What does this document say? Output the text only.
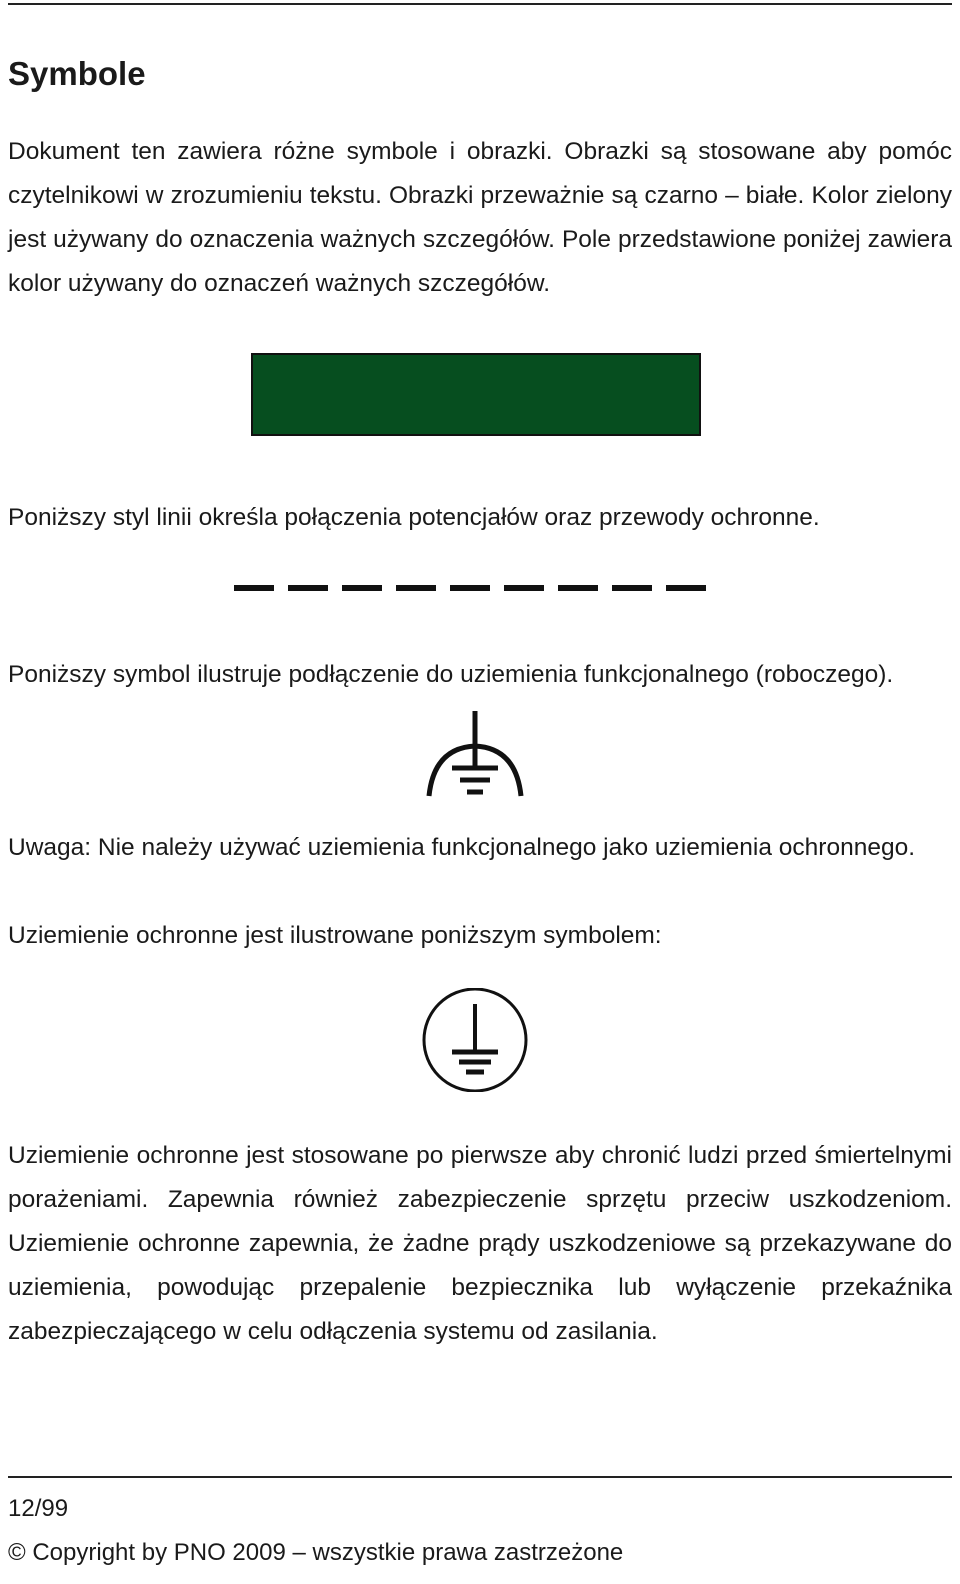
Symbole

Dokument ten zawiera różne symbole i obrazki. Obrazki są stosowane aby pomóc czytelnikowi w zrozumieniu tekstu. Obrazki przeważnie są czarno – białe. Kolor zielony jest używany do oznaczenia ważnych szczegółów. Pole przedstawione poniżej zawiera kolor używany do oznaczeń ważnych szczegółów.

Poniższy styl linii określa połączenia potencjałów oraz przewody ochronne.

Poniższy symbol ilustruje podłączenie do uziemienia funkcjonalnego (roboczego).

Uwaga: Nie należy używać uziemienia funkcjonalnego jako uziemienia ochronnego.

Uziemienie ochronne jest ilustrowane poniższym symbolem:

Uziemienie ochronne jest stosowane po pierwsze aby chronić ludzi przed śmiertelnymi porażeniami. Zapewnia również zabezpieczenie sprzętu przeciw uszkodzeniom. Uziemienie ochronne zapewnia, że żadne prądy uszkodzeniowe są przekazywane do uziemienia, powodując przepalenie bezpiecznika lub wyłączenie przekaźnika zabezpieczającego w celu odłączenia systemu od zasilania.

12/99
© Copyright by PNO 2009 – wszystkie prawa zastrzeżone
